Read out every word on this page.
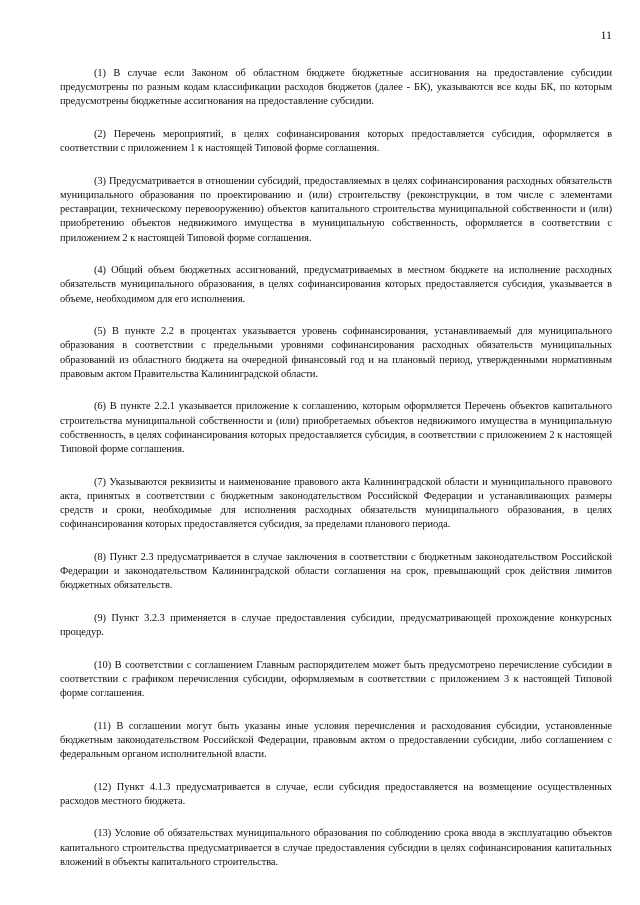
11

(1) В случае если Законом об областном бюджете бюджетные ассигнования на предоставление субсидии предусмотрены по разным кодам классификации расходов бюджетов (далее - БК), указываются все коды БК, по которым предусмотрены бюджетные ассигнования на предоставление субсидии.

(2) Перечень мероприятий, в целях софинансирования которых предоставляется субсидия, оформляется в соответствии с приложением 1 к настоящей Типовой форме соглашения.

(3) Предусматривается в отношении субсидий, предоставляемых в целях софинансирования расходных обязательств муниципального образования по проектированию и (или) строительству (реконструкции, в том числе с элементами реставрации, техническому перевооружению) объектов капитального строительства муниципальной собственности и (или) приобретению объектов недвижимого имущества в муниципальную собственность, оформляется в соответствии с приложением 2 к настоящей Типовой форме соглашения.

(4) Общий объем бюджетных ассигнований, предусматриваемых в местном бюджете на исполнение расходных обязательств муниципального образования, в целях софинансирования которых предоставляется субсидия, указывается в объеме, необходимом для его исполнения.

(5) В пункте 2.2 в процентах указывается уровень софинансирования, устанавливаемый для муниципального образования в соответствии с предельными уровнями софинансирования расходных обязательств муниципальных образований из областного бюджета на очередной финансовый год и на плановый период, утвержденными нормативным правовым актом Правительства Калининградской области.

(6) В пункте 2.2.1 указывается приложение к соглашению, которым оформляется Перечень объектов капитального строительства муниципальной собственности и (или) приобретаемых объектов недвижимого имущества в муниципальную собственность, в целях софинансирования которых предоставляется субсидия, в соответствии с приложением 2 к настоящей Типовой форме соглашения.

(7) Указываются реквизиты и наименование правового акта Калининградской области и муниципального правового акта, принятых в соответствии с бюджетным законодательством Российской Федерации и устанавливающих размеры средств и сроки, необходимые для исполнения расходных обязательств муниципального образования, в целях софинансирования которых предоставляется субсидия, за пределами планового периода.

(8) Пункт 2.3 предусматривается в случае заключения в соответствии с бюджетным законодательством Российской Федерации и законодательством Калининградской области соглашения на срок, превышающий срок действия лимитов бюджетных обязательств.

(9) Пункт 3.2.3 применяется в случае предоставления субсидии, предусматривающей прохождение конкурсных процедур.

(10) В соответствии с соглашением Главным распорядителем может быть предусмотрено перечисление субсидии в соответствии с графиком перечисления субсидии, оформляемым в соответствии с приложением 3 к настоящей Типовой форме соглашения.

(11) В соглашении могут быть указаны иные условия перечисления и расходования субсидии, установленные бюджетным законодательством Российской Федерации, правовым актом о предоставлении субсидии, либо соглашением с федеральным органом исполнительной власти.

(12) Пункт 4.1.3 предусматривается в случае, если субсидия предоставляется на возмещение осуществленных расходов местного бюджета.

(13) Условие об обязательствах муниципального образования по соблюдению срока ввода в эксплуатацию объектов капитального строительства предусматривается в случае предоставления субсидии в целях софинансирования капитальных вложений в объекты капитального строительства.
